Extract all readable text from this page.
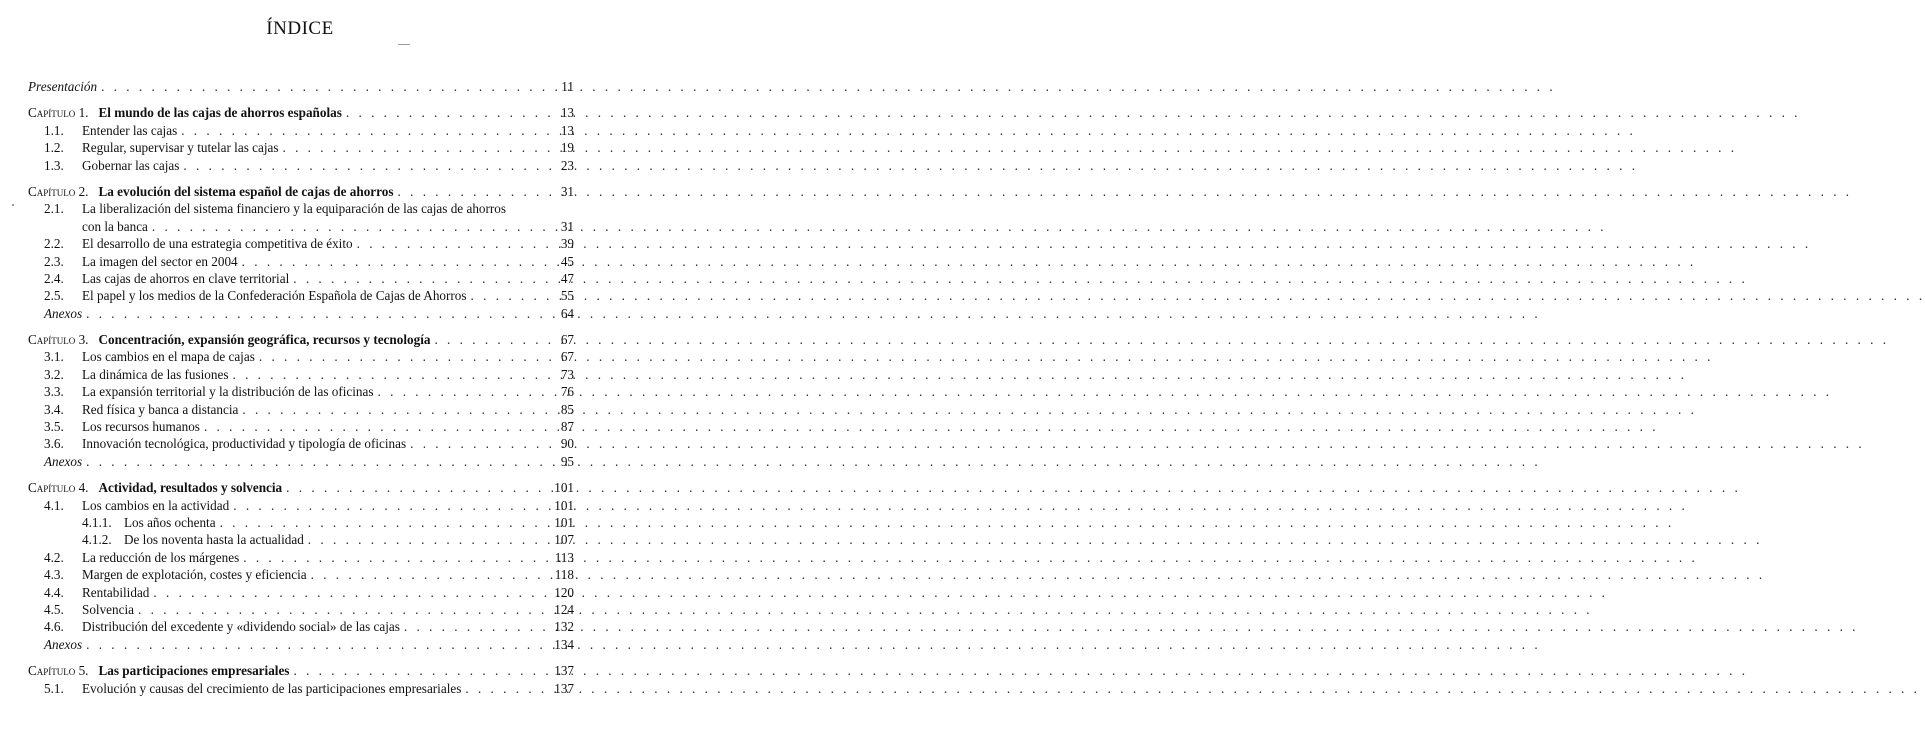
ÍNDICE
Presentación . . .	11
Capítulo 1. El mundo de las cajas de ahorros españolas . . .	13
1.1.	Entender las cajas . . .	13
1.2.	Regular, supervisar y tutelar las cajas . . .	19
1.3.	Gobernar las cajas . . .	23
Capítulo 2. La evolución del sistema español de cajas de ahorros . . .	31
2.1.	La liberalización del sistema financiero y la equiparación de las cajas de ahorros
con la banca . . .	31
2.2.	El desarrollo de una estrategia competitiva de éxito . . .	39
2.3.	La imagen del sector en 2004 . . .	45
2.4.	Las cajas de ahorros en clave territorial . . .	47
2.5.	El papel y los medios de la Confederación Española de Cajas de Ahorros . . .	55
Anexos . . .	64
Capítulo 3. Concentración, expansión geográfica, recursos y tecnología . . .	67
3.1.	Los cambios en el mapa de cajas . . .	67
3.2.	La dinámica de las fusiones . . .	73
3.3.	La expansión territorial y la distribución de las oficinas . . .	76
3.4.	Red física y banca a distancia . . .	85
3.5.	Los recursos humanos . . .	87
3.6.	Innovación tecnológica, productividad y tipología de oficinas . . .	90
Anexos . . .	95
Capítulo 4. Actividad, resultados y solvencia . . .	101
4.1.	Los cambios en la actividad . . .	101
4.1.1. Los años ochenta . . .	101
4.1.2. De los noventa hasta la actualidad . . .	107
4.2.	La reducción de los márgenes . . .	113
4.3.	Margen de explotación, costes y eficiencia . . .	118
4.4.	Rentabilidad . . .	120
4.5.	Solvencia . . .	124
4.6.	Distribución del excedente y «dividendo social» de las cajas . . .	132
Anexos . . .	134
Capítulo 5. Las participaciones empresariales . . .	137
5.1.	Evolución y causas del crecimiento de las participaciones empresariales . . .	137
